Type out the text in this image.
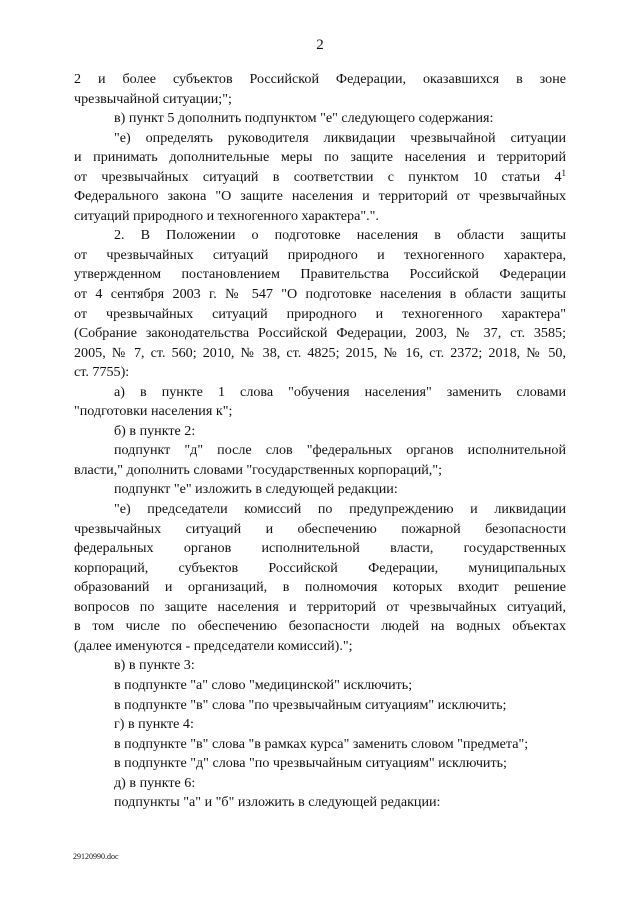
2
2 и более субъектов Российской Федерации, оказавшихся в зоне
чрезвычайной ситуации;";
в) пункт 5 дополнить подпунктом "е" следующего содержания:
"е) определять руководителя ликвидации чрезвычайной ситуации
и принимать дополнительные меры по защите населения и территорий
от чрезвычайных ситуаций в соответствии с пунктом 10 статьи $4^1$
Федерального закона "О защите населения и территорий от чрезвычайных
ситуаций природного и техногенного характера".".
2. В Положении о подготовке населения в области защиты
от чрезвычайных ситуаций природного и техногенного характера,
утвержденном постановлением Правительства Российской Федерации
от 4 сентября 2003 г. № 547 "О подготовке населения в области защиты
от чрезвычайных ситуаций природного и техногенного характера"
(Собрание законодательства Российской Федерации, 2003, № 37, ст. 3585;
2005, № 7, ст. 560; 2010, № 38, ст. 4825; 2015, № 16, ст. 2372; 2018, № 50,
ст. 7755):
а) в пункте 1 слова "обучения населения" заменить словами
"подготовки населения к";
б) в пункте 2:
подпункт "д" после слов "федеральных органов исполнительной
власти," дополнить словами "государственных корпораций,";
подпункт "е" изложить в следующей редакции:
"е) председатели комиссий по предупреждению и ликвидации
чрезвычайных ситуаций и обеспечению пожарной безопасности
федеральных органов исполнительной власти, государственных
корпораций, субъектов Российской Федерации, муниципальных
образований и организаций, в полномочия которых входит решение
вопросов по защите населения и территорий от чрезвычайных ситуаций,
в том числе по обеспечению безопасности людей на водных объектах
(далее именуются - председатели комиссий).";
в) в пункте 3:
в подпункте "а" слово "медицинской" исключить;
в подпункте "в" слова "по чрезвычайным ситуациям" исключить;
г) в пункте 4:
в подпункте "в" слова "в рамках курса" заменить словом "предмета";
в подпункте "д" слова "по чрезвычайным ситуациям" исключить;
д) в пункте 6:
подпункты "а" и "б" изложить в следующей редакции:
29120990.doc
